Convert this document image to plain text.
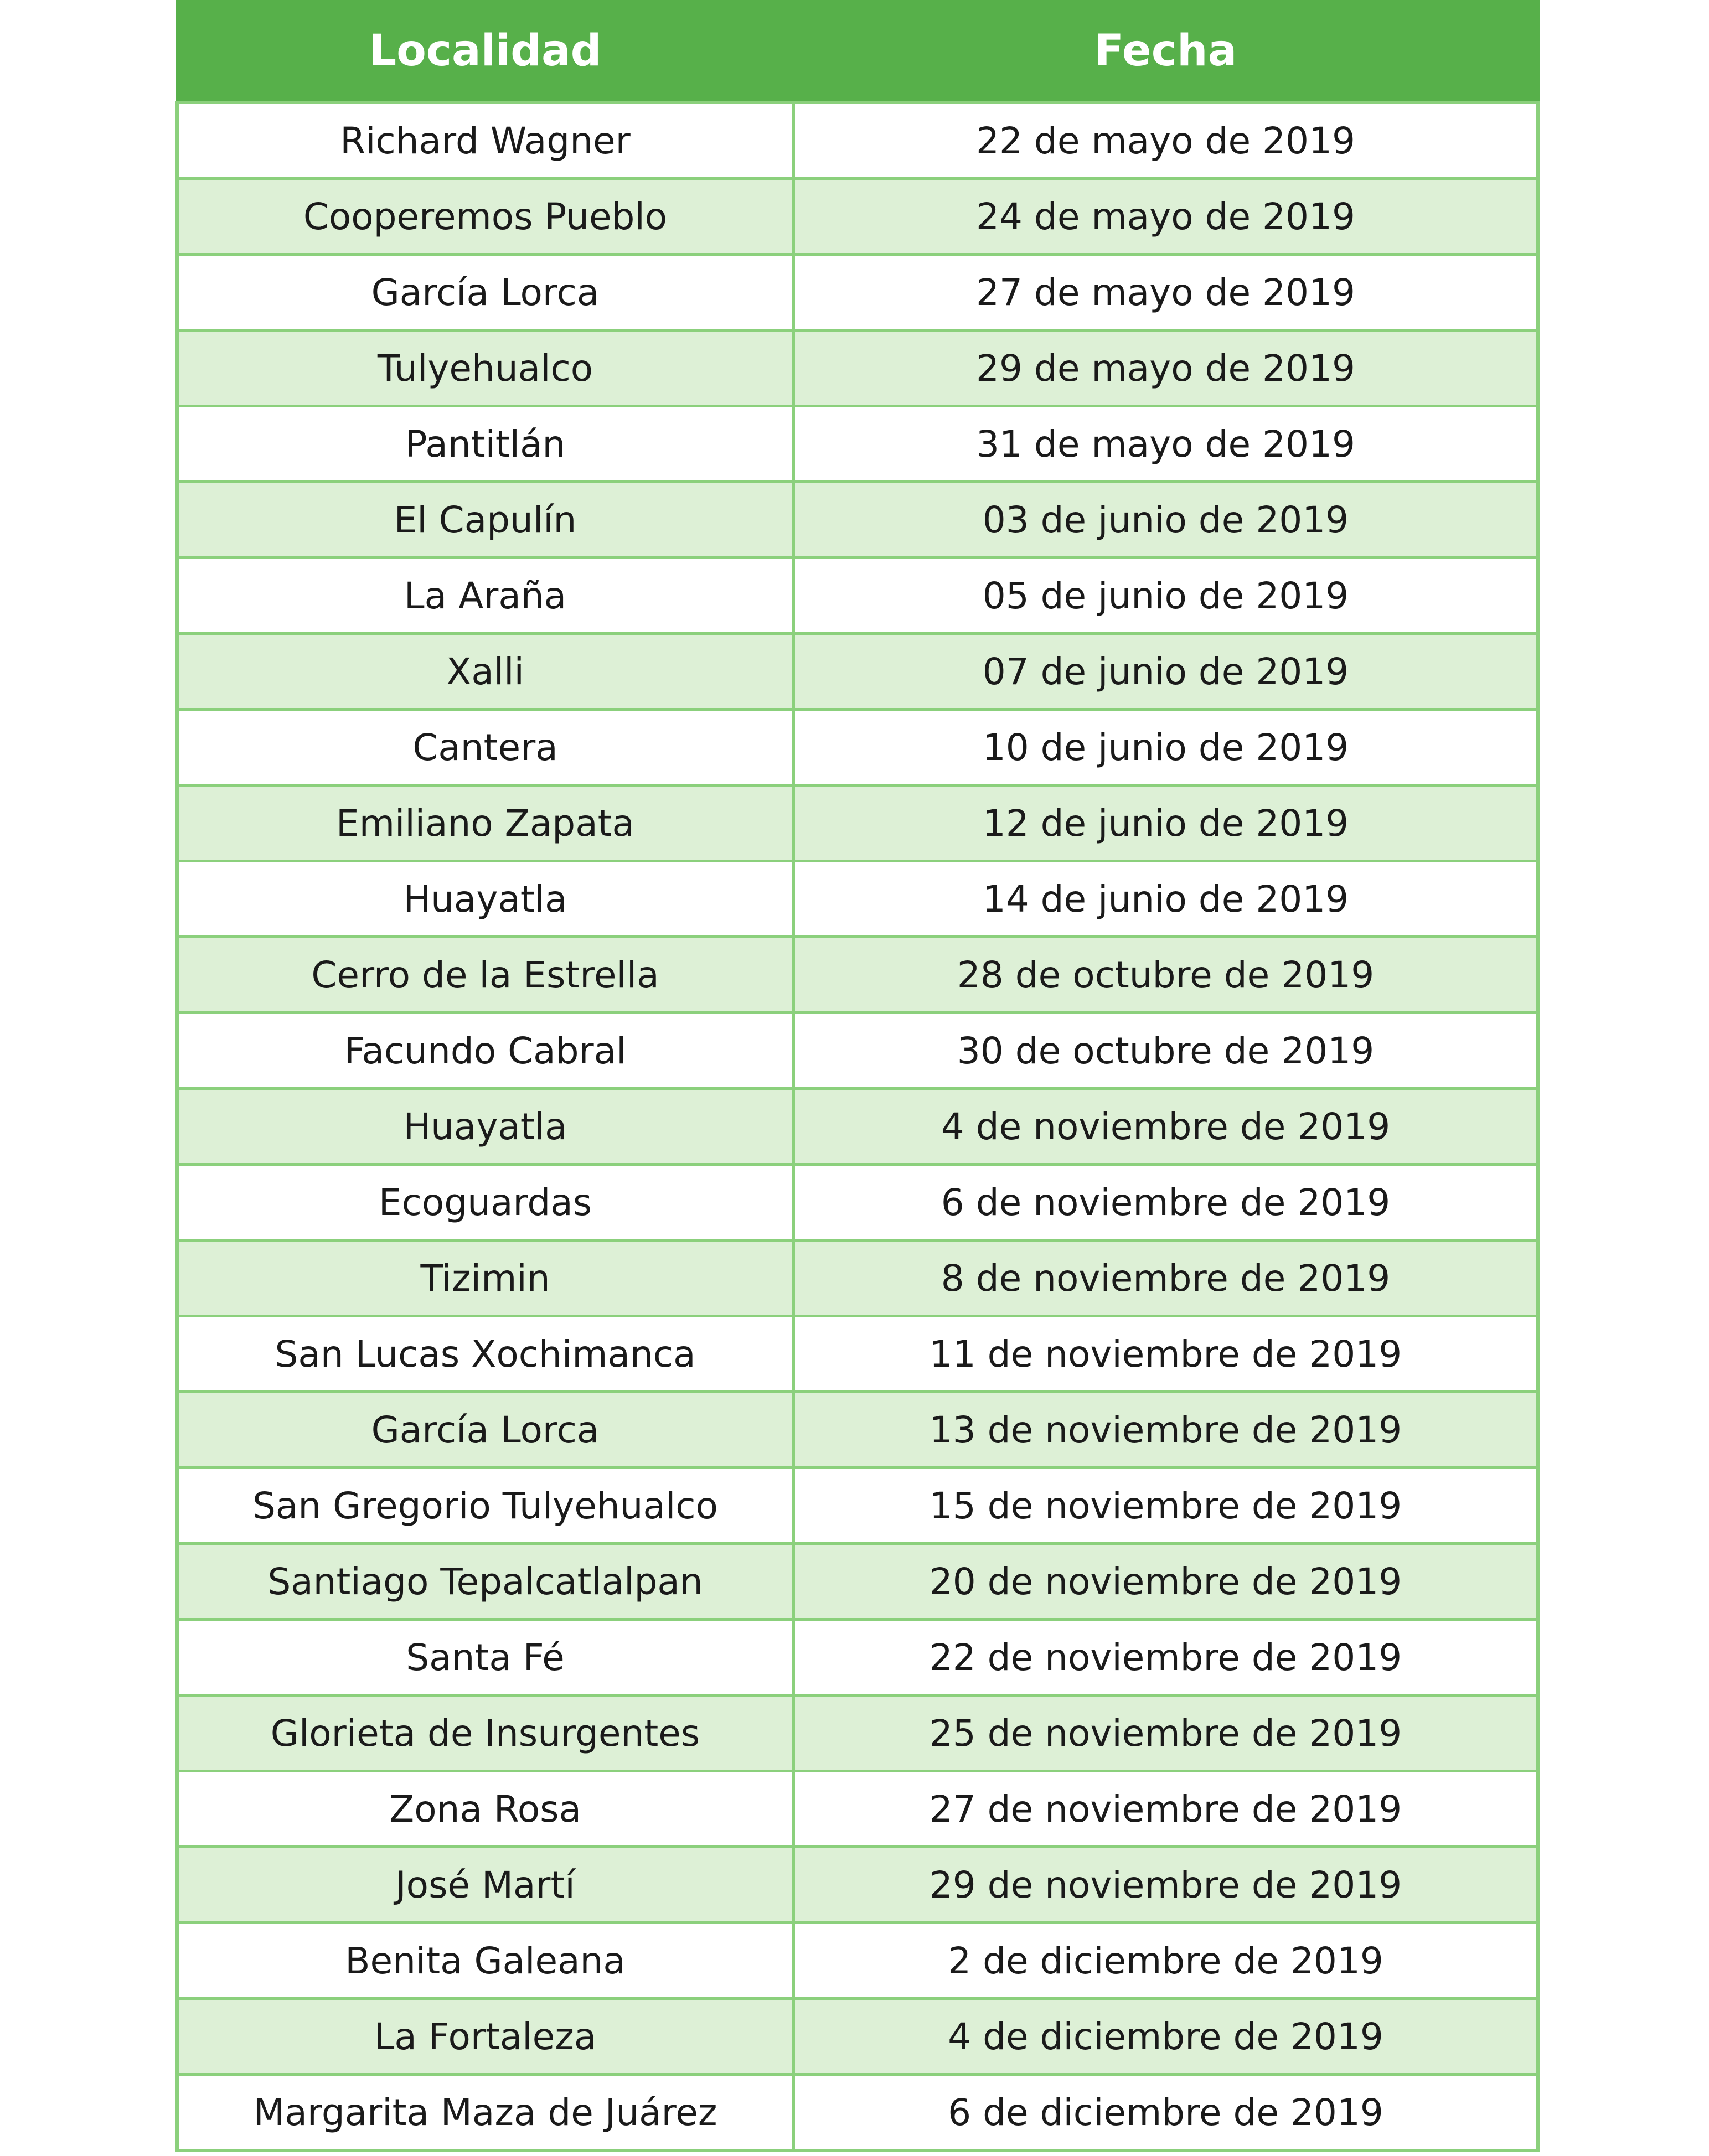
Localidad	Fecha
Richard Wagner	22 de mayo de 2019
Cooperemos Pueblo	24 de mayo de 2019
García Lorca	27 de mayo de 2019
Tulyehualco	29 de mayo de 2019
Pantitlán	31 de mayo de 2019
El Capulín	03 de junio de 2019
La Araña	05 de junio de 2019
Xalli	07 de junio de 2019
Cantera	10 de junio de 2019
Emiliano Zapata	12 de junio de 2019
Huayatla	14 de junio de 2019
Cerro de la Estrella	28 de octubre de 2019
Facundo Cabral	30 de octubre de 2019
Huayatla	4 de noviembre de 2019
Ecoguardas	6 de noviembre de 2019
Tizimin	8 de noviembre de 2019
San Lucas Xochimanca	11 de noviembre de 2019
García Lorca	13 de noviembre de 2019
San Gregorio Tulyehualco	15 de noviembre de 2019
Santiago Tepalcatlalpan	20 de noviembre de 2019
Santa Fé	22 de noviembre de 2019
Glorieta de Insurgentes	25 de noviembre de 2019
Zona Rosa	27 de noviembre de 2019
José Martí	29 de noviembre de 2019
Benita Galeana	2 de diciembre de 2019
La Fortaleza	4 de diciembre de 2019
Margarita Maza de Juárez	6 de diciembre de 2019
